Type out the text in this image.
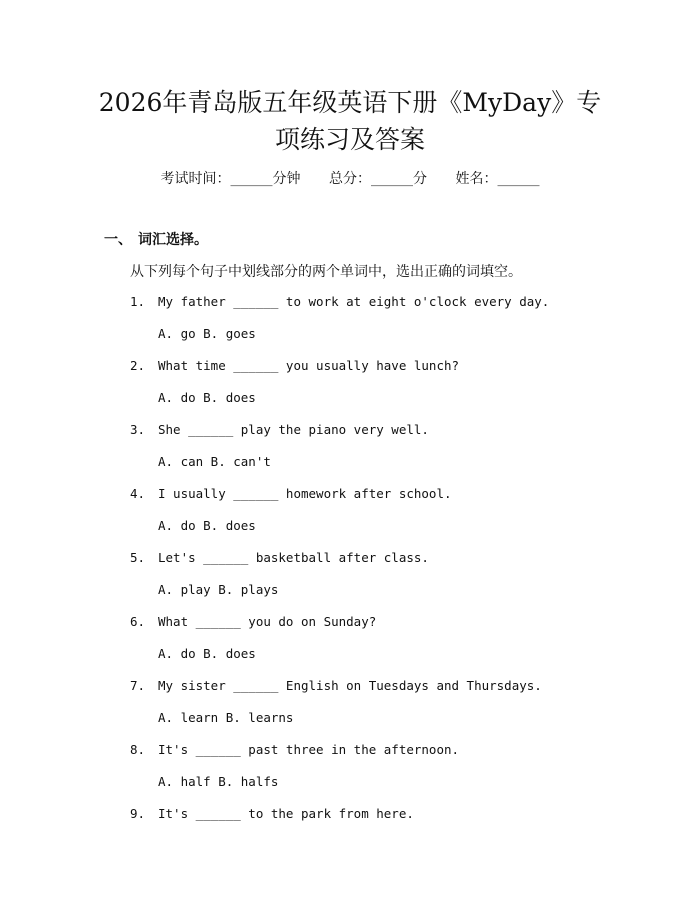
2026年青岛版五年级英语下册《MyDay》专
项练习及答案
考试时间：______分钟 总分：______分 姓名：______
一、 词汇选择。
从下列每个句子中划线部分的两个单词中，选出正确的词填空。
1. My father ______ to work at eight o'clock every day.
A. go B. goes
2. What time ______ you usually have lunch?
A. do B. does
3. She ______ play the piano very well.
A. can B. can't
4. I usually ______ homework after school.
A. do B. does
5. Let's ______ basketball after class.
A. play B. plays
6. What ______ you do on Sunday?
A. do B. does
7. My sister ______ English on Tuesdays and Thursdays.
A. learn B. learns
8. It's ______ past three in the afternoon.
A. half B. halfs
9. It's ______ to the park from here.
